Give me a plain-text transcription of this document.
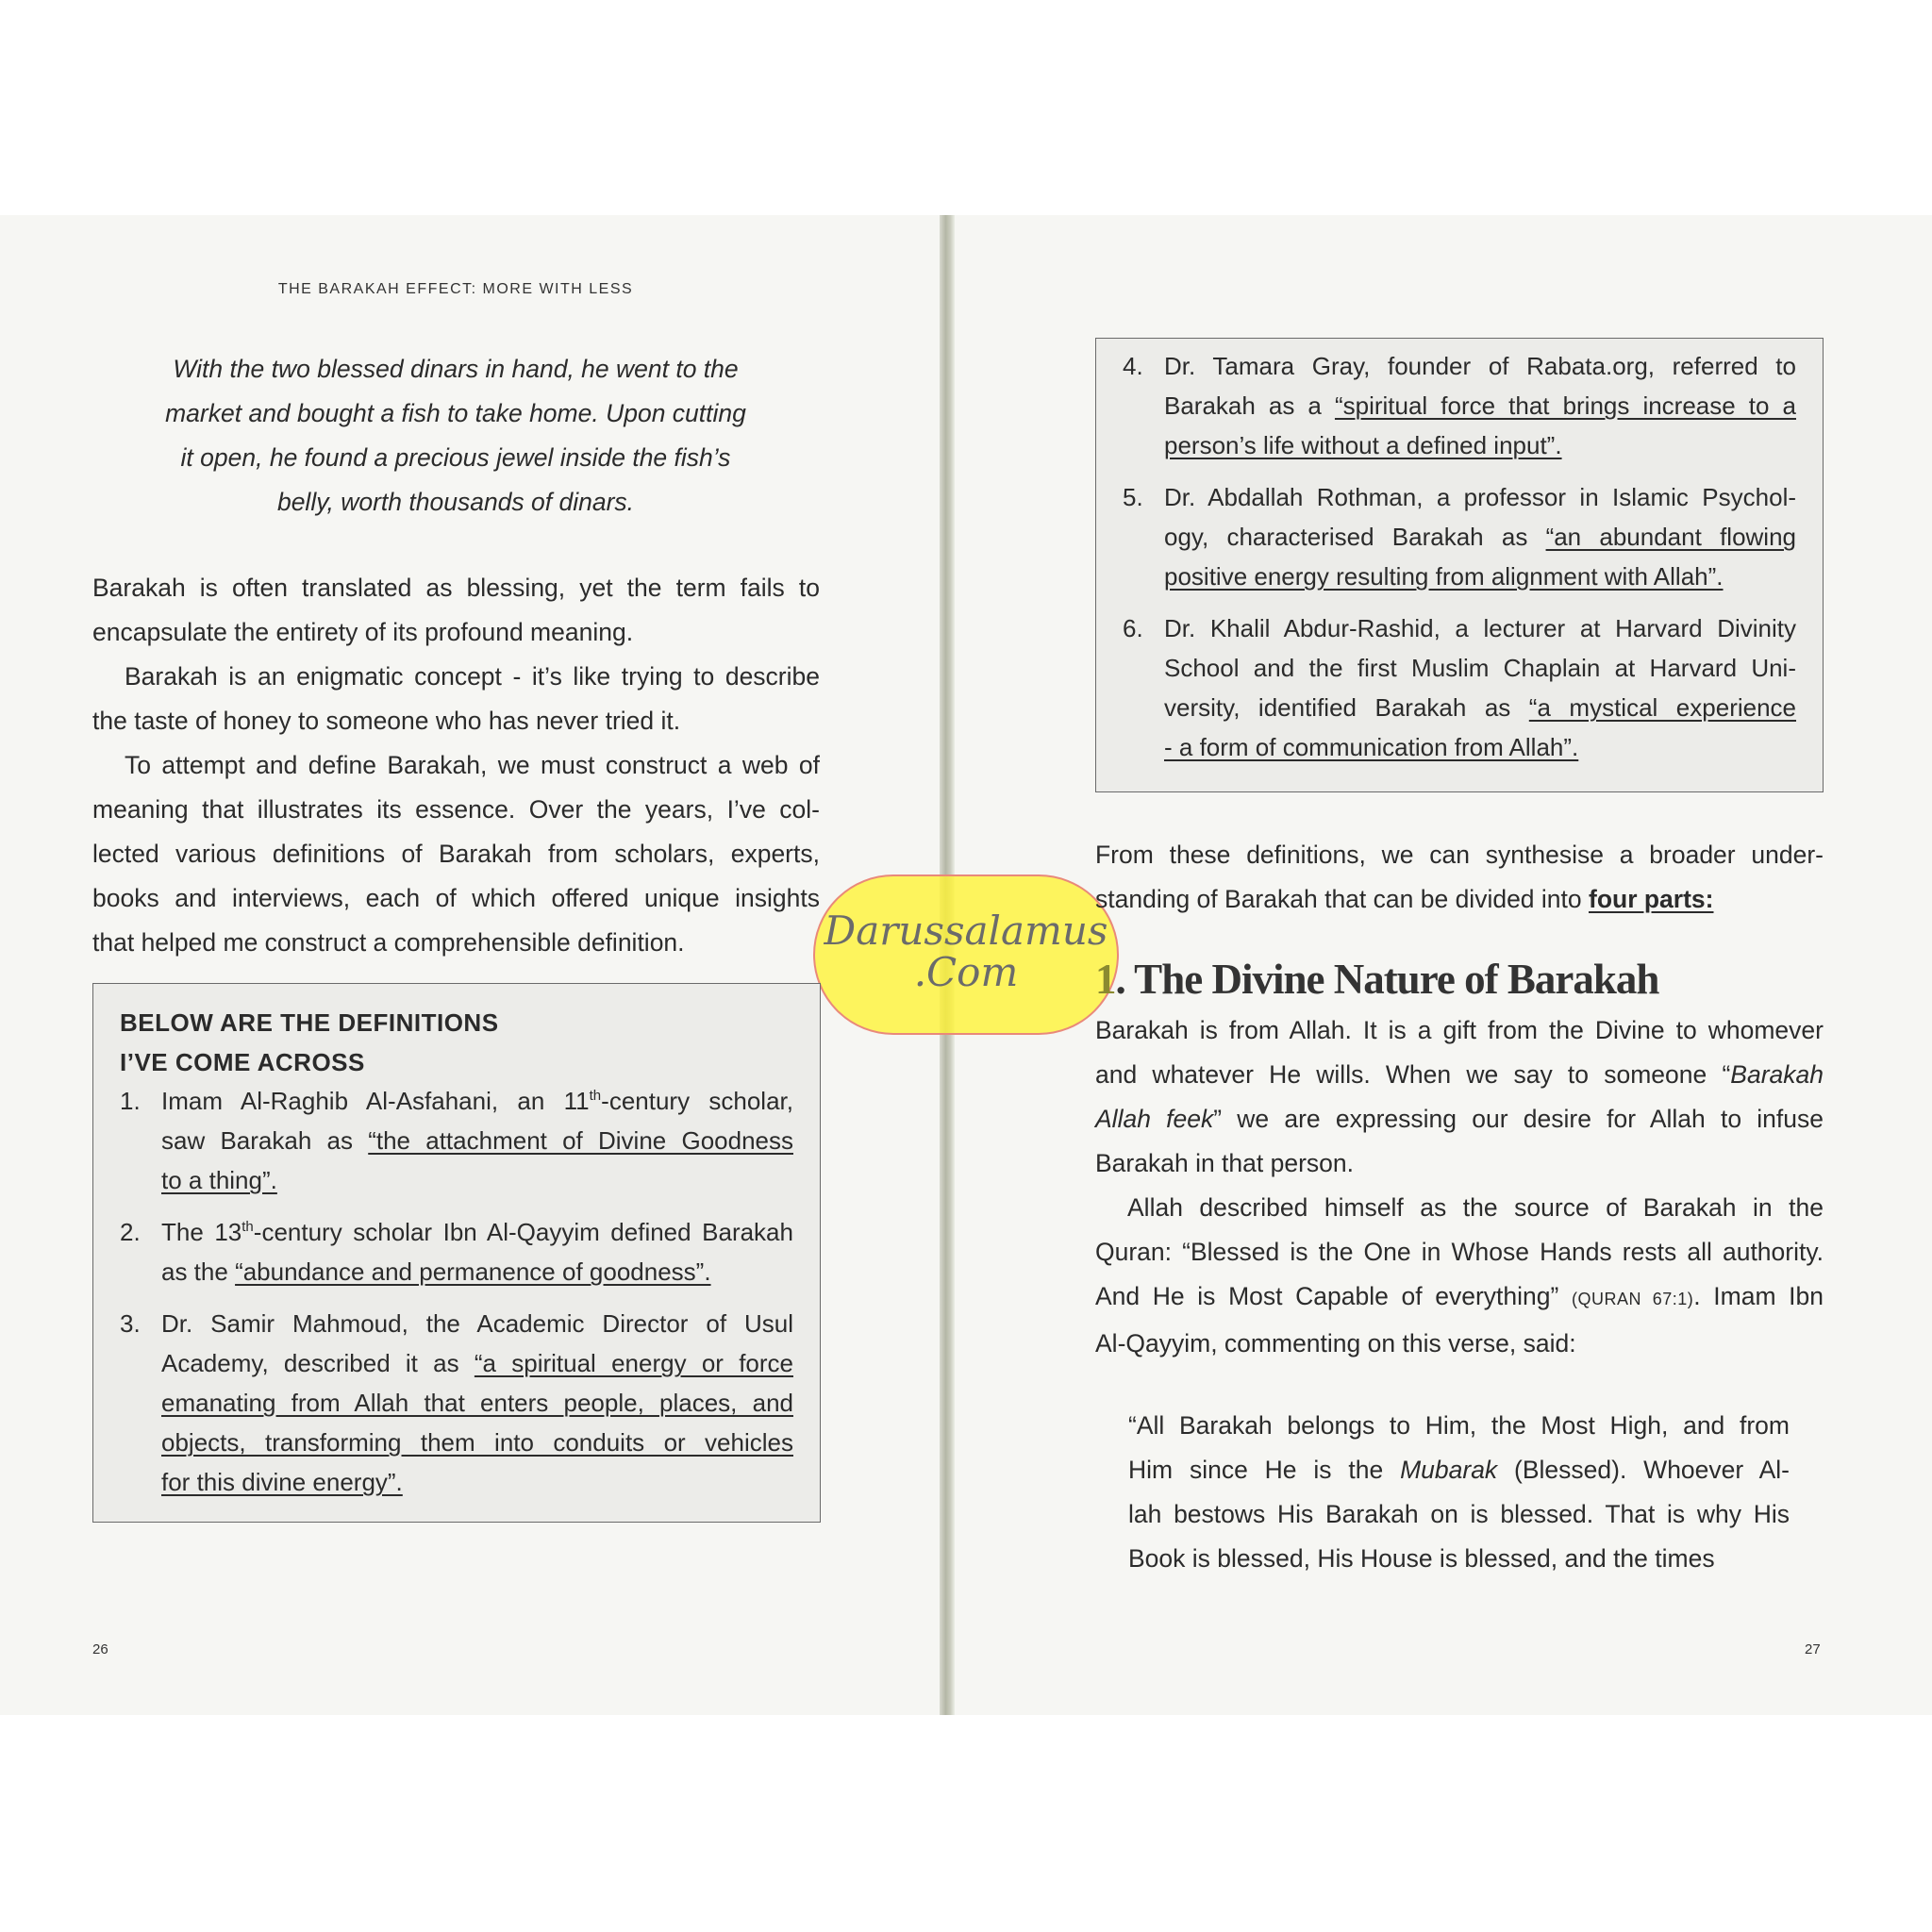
Darussalamus
.Com
THE BARAKAH EFFECT: MORE WITH LESS
With the two blessed dinars in hand, he went to the
market and bought a fish to take home. Upon cutting
it open, he found a precious jewel inside the fish’s
belly, worth thousands of dinars.
Barakah is often translated as blessing, yet the term fails to
encapsulate the entirety of its profound meaning.
Barakah is an enigmatic concept - it’s like trying to describe
the taste of honey to someone who has never tried it.
To attempt and define Barakah, we must construct a web of
meaning that illustrates its essence. Over the years, I’ve col-
lected various definitions of Barakah from scholars, experts,
books and interviews, each of which offered unique insights
that helped me construct a comprehensible definition.
BELOW ARE THE DEFINITIONS
I’VE COME ACROSS
1. Imam Al-Raghib Al-Asfahani, an 11th-century scholar,
saw Barakah as “the attachment of Divine Goodness
to a thing”.
2. The 13th-century scholar Ibn Al-Qayyim defined Barakah
as the “abundance and permanence of goodness”.
3. Dr. Samir Mahmoud, the Academic Director of Usul
Academy, described it as “a spiritual energy or force
emanating from Allah that enters people, places, and
objects, transforming them into conduits or vehicles
for this divine energy”.
4. Dr. Tamara Gray, founder of Rabata.org, referred to
Barakah as a “spiritual force that brings increase to a
person’s life without a defined input”.
5. Dr. Abdallah Rothman, a professor in Islamic Psychol-
ogy, characterised Barakah as “an abundant flowing
positive energy resulting from alignment with Allah”.
6. Dr. Khalil Abdur-Rashid, a lecturer at Harvard Divinity
School and the first Muslim Chaplain at Harvard Uni-
versity, identified Barakah as “a mystical experience
- a form of communication from Allah”.
From these definitions, we can synthesise a broader under-
standing of Barakah that can be divided into four parts:
1. The Divine Nature of Barakah
Barakah is from Allah. It is a gift from the Divine to whomever
and whatever He wills. When we say to someone “Barakah
Allah feek” we are expressing our desire for Allah to infuse
Barakah in that person.
Allah described himself as the source of Barakah in the
Quran: “Blessed is the One in Whose Hands rests all authority.
And He is Most Capable of everything” (QURAN 67:1). Imam Ibn
Al-Qayyim, commenting on this verse, said:
“All Barakah belongs to Him, the Most High, and from
Him since He is the Mubarak (Blessed). Whoever Al-
lah bestows His Barakah on is blessed. That is why His
Book is blessed, His House is blessed, and the times
26	27
